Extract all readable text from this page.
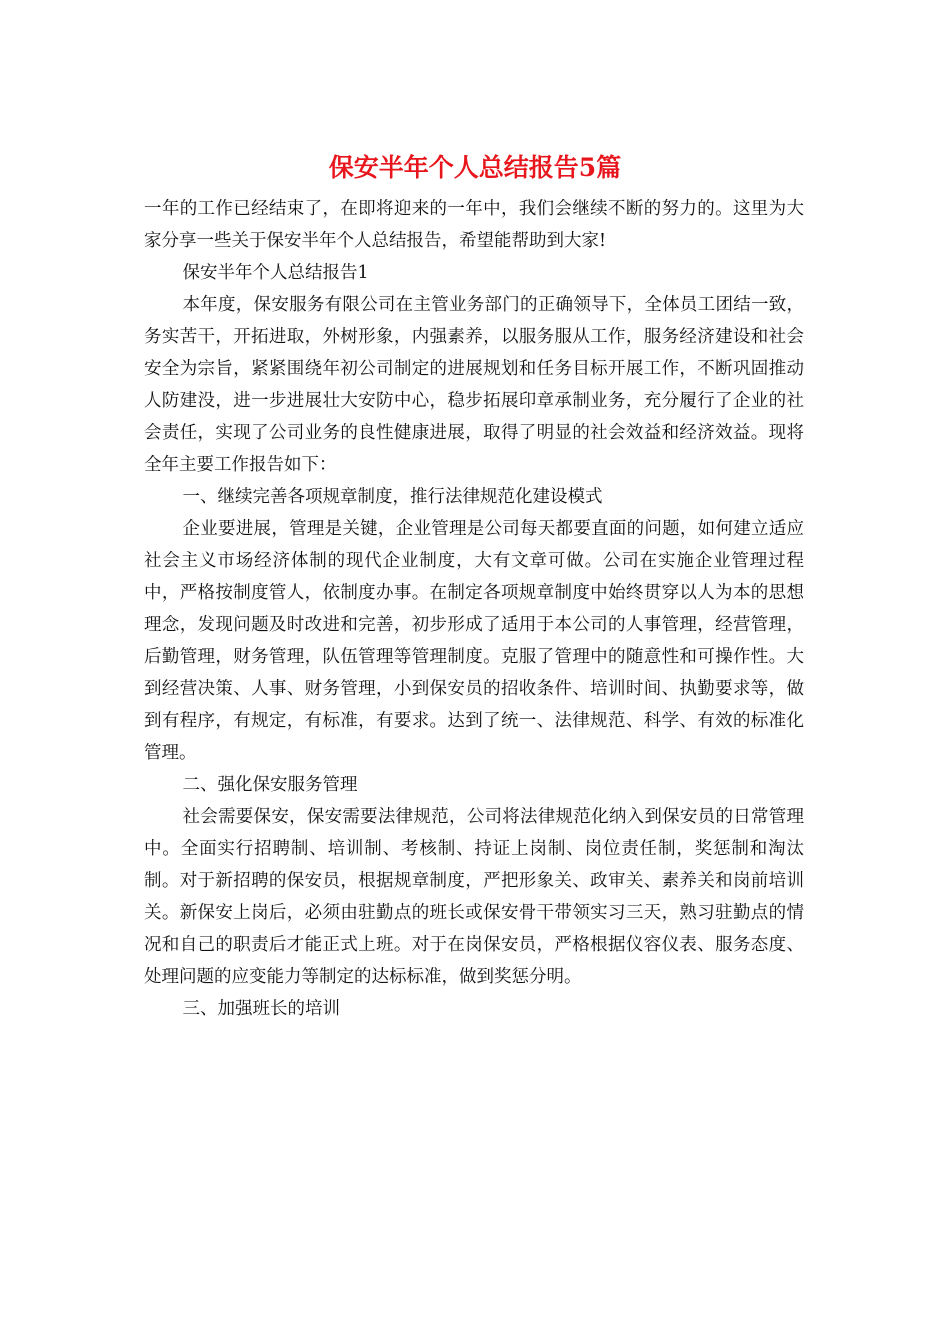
保安半年个人总结报告5篇

一年的工作已经结束了，在即将迎来的一年中，我们会继续不断的努力的。这里为大家分享一些关于保安半年个人总结报告，希望能帮助到大家!

保安半年个人总结报告1

本年度，保安服务有限公司在主管业务部门的正确领导下，全体员工团结一致，务实苦干，开拓进取，外树形象，内强素养，以服务服从工作，服务经济建设和社会安全为宗旨，紧紧围绕年初公司制定的进展规划和任务目标开展工作，不断巩固推动人防建没，进一步进展壮大安防中心，稳步拓展印章承制业务，充分履行了企业的社会责任，实现了公司业务的良性健康进展，取得了明显的社会效益和经济效益。现将全年主要工作报告如下：

一、继续完善各项规章制度，推行法律规范化建设模式

企业要进展，管理是关键，企业管理是公司每天都要直面的问题，如何建立适应社会主义市场经济体制的现代企业制度，大有文章可做。公司在实施企业管理过程中，严格按制度管人，依制度办事。在制定各项规章制度中始终贯穿以人为本的思想理念，发现问题及时改进和完善，初步形成了适用于本公司的人事管理，经营管理，后勤管理，财务管理，队伍管理等管理制度。克服了管理中的随意性和可操作性。大到经营决策、人事、财务管理，小到保安员的招收条件、培训时间、执勤要求等，做到有程序，有规定，有标准，有要求。达到了统一、法律规范、科学、有效的标准化管理。

二、强化保安服务管理

社会需要保安，保安需要法律规范，公司将法律规范化纳入到保安员的日常管理中。全面实行招聘制、培训制、考核制、持证上岗制、岗位责任制，奖惩制和淘汰制。对于新招聘的保安员，根据规章制度，严把形象关、政审关、素养关和岗前培训关。新保安上岗后，必须由驻勤点的班长或保安骨干带领实习三天，熟习驻勤点的情况和自己的职责后才能正式上班。对于在岗保安员，严格根据仪容仪表、服务态度、处理问题的应变能力等制定的达标标准，做到奖惩分明。

三、加强班长的培训
